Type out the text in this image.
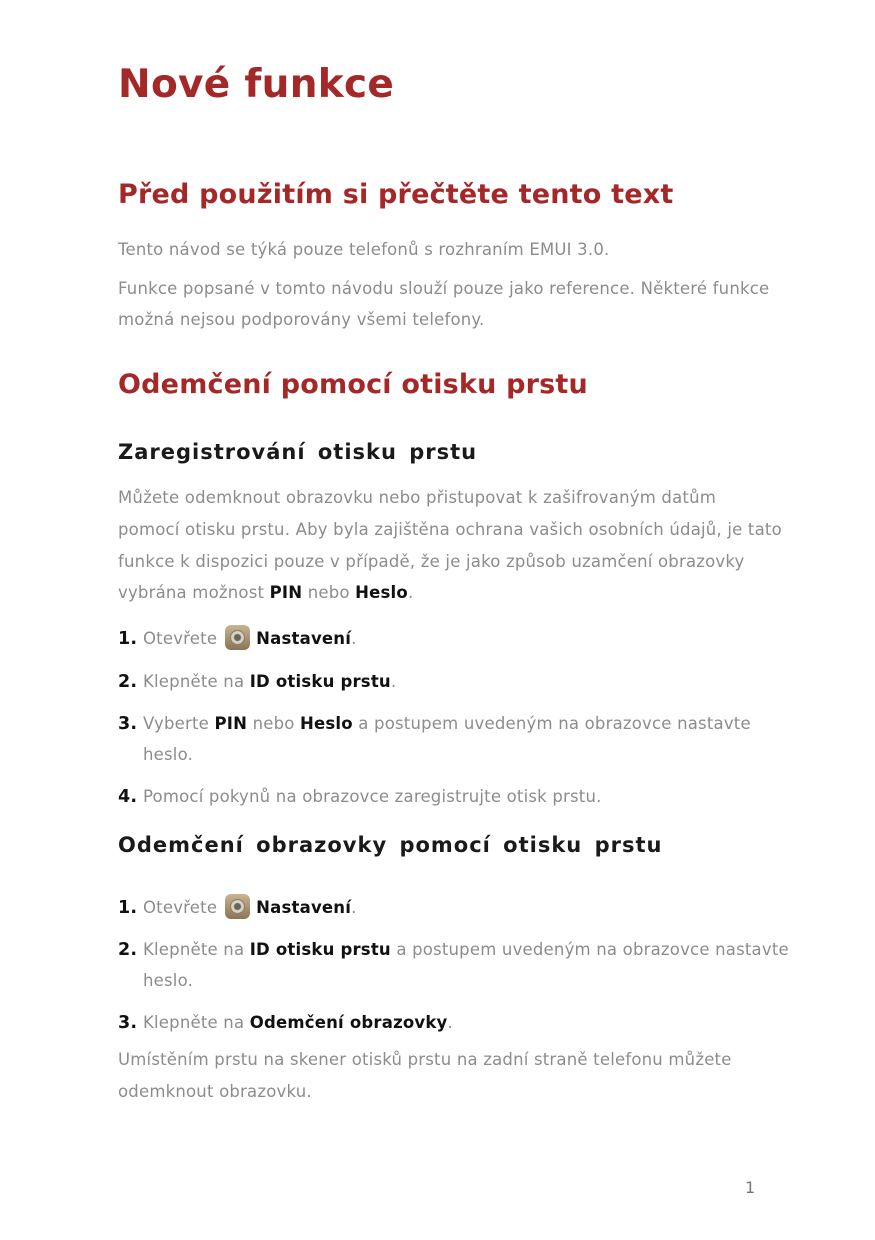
Nové funkce
Před použitím si přečtěte tento text
Tento návod se týká pouze telefonů s rozhraním EMUI 3.0.
Funkce popsané v tomto návodu slouží pouze jako reference. Některé funkce
možná nejsou podporovány všemi telefony.
Odemčení pomocí otisku prstu
Zaregistrování otisku prstu
Můžete odemknout obrazovku nebo přistupovat k zašifrovaným datům
pomocí otisku prstu. Aby byla zajištěna ochrana vašich osobních údajů, je tato
funkce k dispozici pouze v případě, že je jako způsob uzamčení obrazovky
vybrána možnost PIN nebo Heslo.
1. Otevřete Nastavení.
2. Klepněte na ID otisku prstu.
3. Vyberte PIN nebo Heslo a postupem uvedeným na obrazovce nastavte
heslo.
4. Pomocí pokynů na obrazovce zaregistrujte otisk prstu.
Odemčení obrazovky pomocí otisku prstu
1. Otevřete Nastavení.
2. Klepněte na ID otisku prstu a postupem uvedeným na obrazovce nastavte
heslo.
3. Klepněte na Odemčení obrazovky.
Umístěním prstu na skener otisků prstu na zadní straně telefonu můžete
odemknout obrazovku.
1
